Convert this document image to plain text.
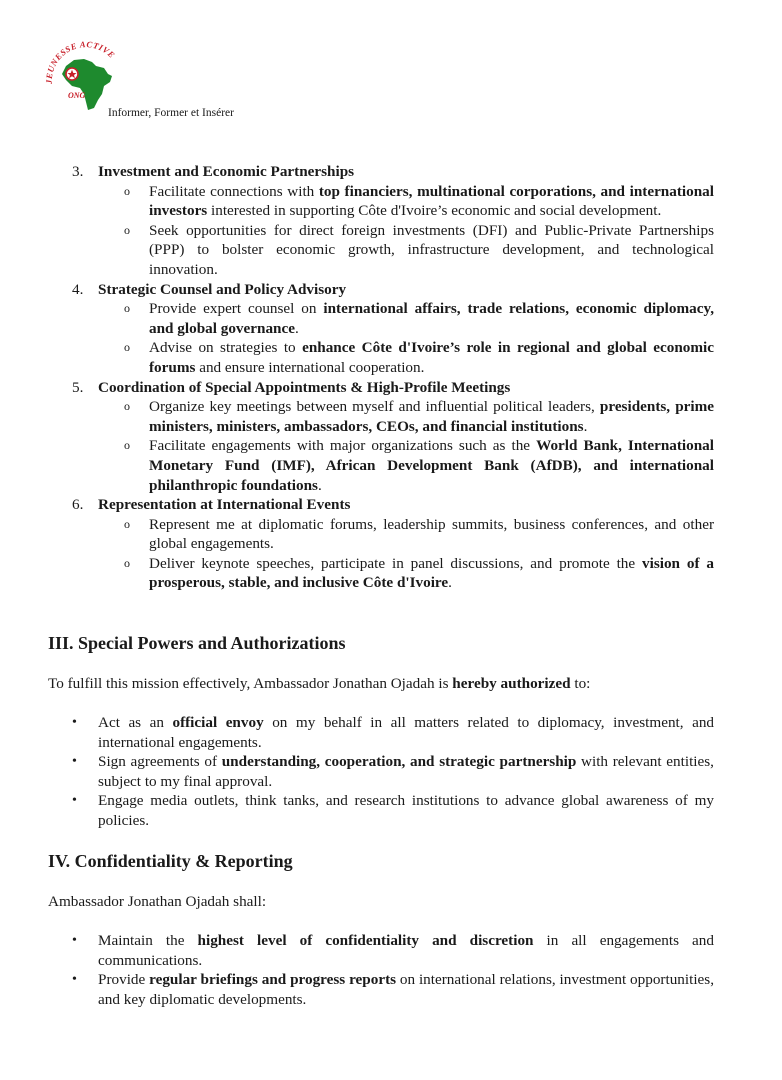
JEUNESSE ACTIVE
ONG
Informer, Former et Insérer
3. Investment and Economic Partnerships
o Facilitate connections with top financiers, multinational corporations, and international investors interested in supporting Côte d'Ivoire’s economic and social development.
o Seek opportunities for direct foreign investments (DFI) and Public-Private Partnerships (PPP) to bolster economic growth, infrastructure development, and technological innovation.
4. Strategic Counsel and Policy Advisory
o Provide expert counsel on international affairs, trade relations, economic diplomacy, and global governance.
o Advise on strategies to enhance Côte d'Ivoire’s role in regional and global economic forums and ensure international cooperation.
5. Coordination of Special Appointments & High-Profile Meetings
o Organize key meetings between myself and influential political leaders, presidents, prime ministers, ministers, ambassadors, CEOs, and financial institutions.
o Facilitate engagements with major organizations such as the World Bank, International Monetary Fund (IMF), African Development Bank (AfDB), and international philanthropic foundations.
6. Representation at International Events
o Represent me at diplomatic forums, leadership summits, business conferences, and other global engagements.
o Deliver keynote speeches, participate in panel discussions, and promote the vision of a prosperous, stable, and inclusive Côte d'Ivoire.
III. Special Powers and Authorizations
To fulfill this mission effectively, Ambassador Jonathan Ojadah is hereby authorized to:
• Act as an official envoy on my behalf in all matters related to diplomacy, investment, and international engagements.
• Sign agreements of understanding, cooperation, and strategic partnership with relevant entities, subject to my final approval.
• Engage media outlets, think tanks, and research institutions to advance global awareness of my policies.
IV. Confidentiality & Reporting
Ambassador Jonathan Ojadah shall:
• Maintain the highest level of confidentiality and discretion in all engagements and communications.
• Provide regular briefings and progress reports on international relations, investment opportunities, and key diplomatic developments.
